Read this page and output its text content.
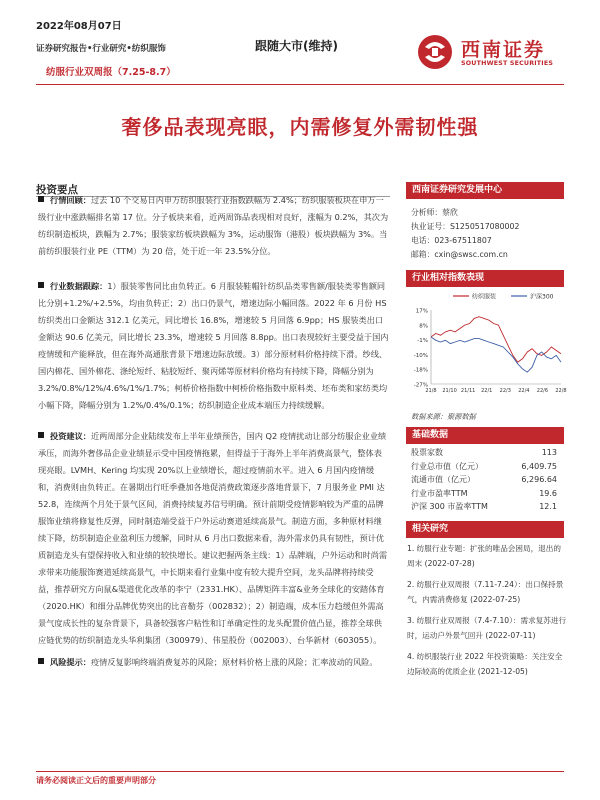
2022年08月07日
证券研究报告•行业研究•纺织服饰
纺服行业双周报（7.25-8.7）
跟随大市(维持)	西南证券
SOUTHWEST SECURITIES
奢侈品表现亮眼，内需修复外需韧性强
投资要点
行情回顾：过去 10 个交易日内申万纺织服装行业指数跌幅为 2.4%；纺织服装板块在申万一级行业中涨跌幅排名第 17 位。分子板块来看，近两周饰品表现相对良好，涨幅为 0.2%，其次为纺织制造板块，跌幅为 2.7%；服装家纺板块跌幅为 3%，运动服饰（港股）板块跌幅为 3%。当前纺织服装行业 PE（TTM）为 20 倍，处于近一年 23.5%分位。
行业数据跟踪：1）服装零售同比由负转正。6 月服装鞋帽针纺织品类零售额/服装类零售额同比分别+1.2%/+2.5%，均由负转正；2）出口仍景气，增速边际小幅回落。2022 年 6 月份 HS 纺织类出口金额达 312.1 亿美元，同比增长 16.8%，增速较 5 月回落 6.9pp；HS 服装类出口金额达 90.6 亿美元，同比增长 23.3%，增速较 5 月回落 8.8pp。出口表现较好主要受益于国内疫情缓和产能释放，但在海外高通胀背景下增速边际放缓。3）部分原材料价格持续下滑。纱线、国内棉花、国外棉花、涤纶短纤、粘胶短纤、聚丙烯等原材料价格均有持续下降，降幅分别为 3.2%/0.8%/12%/4.6%/1%/1.7%；柯桥价格指数中柯桥价格指数中原料类、坯布类和家纺类均小幅下降，降幅分别为 1.2%/0.4%/0.1%；纺织制造企业成本端压力持续缓解。
投资建议：近两周部分企业陆续发布上半年业绩预告，国内 Q2 疫情扰动让部分纺服企业业绩承压，而海外奢侈品企业业绩显示受中国疫情拖累，但得益于于海外上半年消费高景气，整体表现亮眼。LVMH、Kering 均实现 20%以上业绩增长，超过疫情前水平。进入 6 月国内疫情缓和，消费则由负转正。在暑期出行旺季叠加各地促消费政策逐步落地背景下，7 月服务业 PMI 达 52.8，连续两个月处于景气区间，消费持续复苏信号明确。预计前期受疫情影响较为严重的品牌服饰业绩将修复性反弹，同时制造端受益于户外运动赛道延续高景气。制造方面，多种原材料继续下降，纺织制造企业盈利压力缓解，同时从 6 月出口数据来看，海外需求仍具有韧性，预计优质制造龙头有望保持收入和业绩的较快增长。建议把握两条主线：1）品牌端，户外运动和时尚需求带来功能服饰赛道延续高景气，中长期来看行业集中度有较大提升空间，龙头品牌将持续受益，推荐研究方向鼠&渠道优化改革的李宁（2331.HK）、品牌矩阵丰富&业务全球化的安踏体育（2020.HK）和细分品牌优势突出的比音勒芬（002832）；2）制造端，成本压力趋缓但外需高景气度成长性的复杂背景下，具备较强客户粘性和订单确定性的龙头配置价值凸显，推荐全球供应链优势的纺织制造龙头华利集团（300979）、伟星股份（002003）、台华新材（603055）。
风险提示：疫情反复影响终端消费复苏的风险；原材料价格上涨的风险；汇率波动的风险。
西南证券研究发展中心
分析师：蔡欣
执业证号：S1250517080002
电话：023-67511807
邮箱：cxin@swsc.com.cn
行业相对指数表现
17%
8%
-1%
-10%
-18%
-27%
21/8 21/10 21/11 22/1 22/3 22/4 22/6 22/8
纺织服装	沪深300
数据来源：聚源数据
基础数据
股票家数	113
行业总市值（亿元）	6,409.75
流通市值（亿元）	6,296.64
行业市盈率TTM	19.6
沪深 300 市盈率TTM	12.1
相关研究
1. 纺服行业专题：扩张的唯品会困局，退出的周末 (2022-07-28)
2. 纺服行业双周报（7.11-7.24）：出口保持景气，内需消费修复 (2022-07-25)
3. 纺服行业双周报（7.4-7.10）：需求复苏进行时，运动户外景气回升 (2022-07-11)
4. 纺织服装行业 2022 年投资策略：关注安全边际较高的优质企业 (2021-12-05)
请务必阅读正文后的重要声明部分
